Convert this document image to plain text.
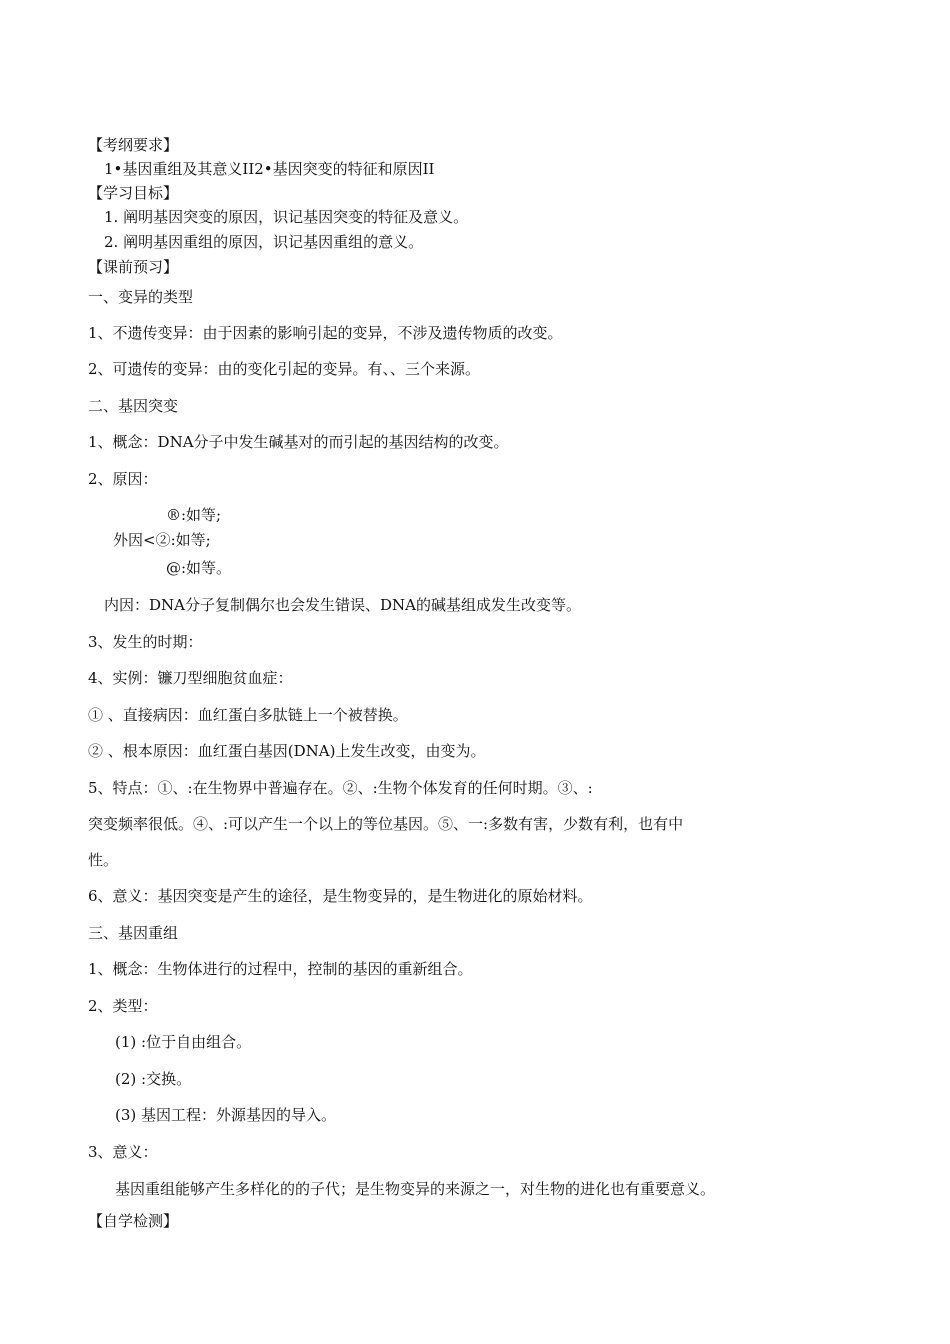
【考纲要求】
1•基因重组及其意义II2•基因突变的特征和原因II
【学习目标】
1. 阐明基因突变的原因，识记基因突变的特征及意义。
2. 阐明基因重组的原因，识记基因重组的意义。
【课前预习】
一、变异的类型
1、不遗传变异：由于因素的影响引起的变异，不涉及遗传物质的改变。
2、可遗传的变异：由的变化引起的变异。有、、三个来源。
二、基因突变
1、概念：DNA分子中发生碱基对的而引起的基因结构的改变。
2、原因：
®:如等;
外因<②:如等;
@:如等。
内因：DNA分子复制偶尔也会发生错误、DNA的碱基组成发生改变等。
3、发生的时期：
4、实例：镰刀型细胞贫血症：
① 、直接病因：血红蛋白多肽链上一个被替换。
② 、根本原因：血红蛋白基因(DNA)上发生改变，由变为。
5、特点：①、:在生物界中普遍存在。②、:生物个体发育的任何时期。③、:
突变频率很低。④、:可以产生一个以上的等位基因。⑤、一:多数有害，少数有利，也有中
性。
6、意义：基因突变是产生的途径，是生物变异的，是生物进化的原始材料。
三、基因重组
1、概念：生物体进行的过程中，控制的基因的重新组合。
2、类型：
(1) :位于自由组合。
(2) :交换。
(3) 基因工程：外源基因的导入。
3、意义：
基因重组能够产生多样化的的子代；是生物变异的来源之一，对生物的进化也有重要意义。
【自学检测】
